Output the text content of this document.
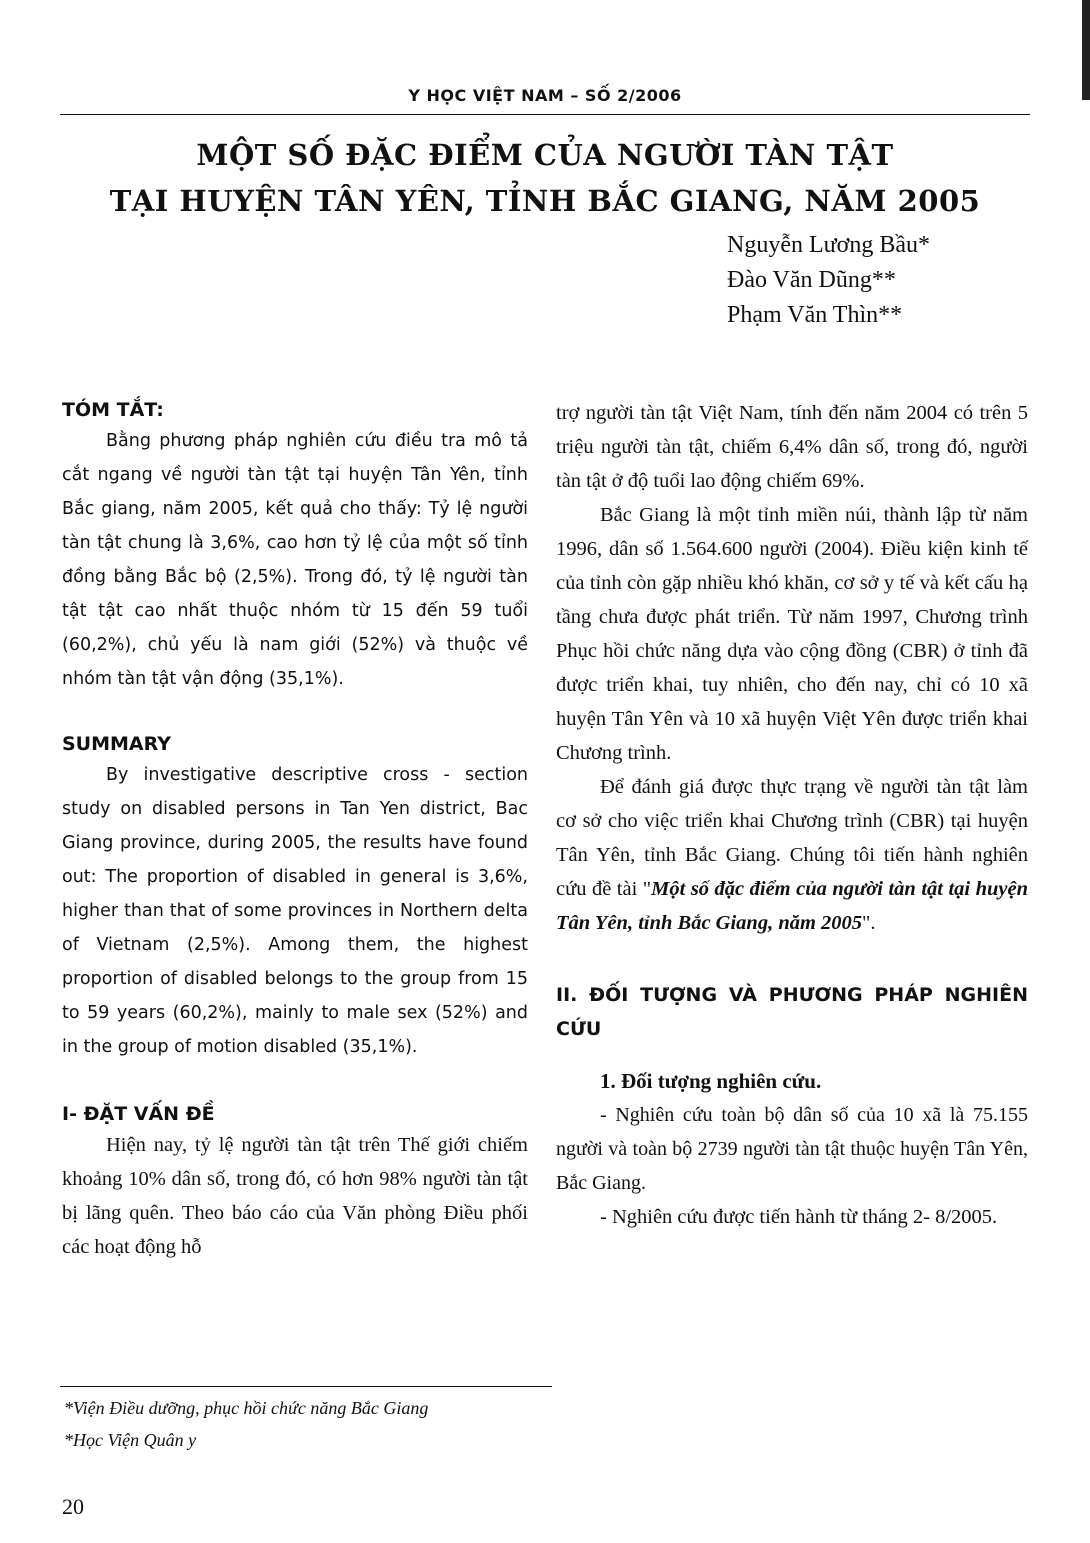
Y HỌC VIỆT NAM – SỐ 2/2006
MỘT SỐ ĐẶC ĐIỂM CỦA NGƯỜI TÀN TẬT
TẠI HUYỆN TÂN YÊN, TỈNH BẮC GIANG, NĂM 2005
Nguyễn Lương Bầu*
Đào Văn Dũng**
Phạm Văn Thìn**
TÓM TẮT:

Bằng phương pháp nghiên cứu điều tra mô tả cắt ngang về người tàn tật tại huyện Tân Yên, tỉnh Bắc giang, năm 2005, kết quả cho thấy: Tỷ lệ người tàn tật chung là 3,6%, cao hơn tỷ lệ của một số tỉnh đồng bằng Bắc bộ (2,5%). Trong đó, tỷ lệ người tàn tật tật cao nhất thuộc nhóm từ 15 đến 59 tuổi (60,2%), chủ yếu là nam giới (52%) và thuộc về nhóm tàn tật vận động (35,1%).

SUMMARY

By investigative descriptive cross - section study on disabled persons in Tan Yen district, Bac Giang province, during 2005, the results have found out: The proportion of disabled in general is 3,6%, higher than that of some provinces in Northern delta of Vietnam (2,5%). Among them, the highest proportion of disabled belongs to the group from 15 to 59 years (60,2%), mainly to male sex (52%) and in the group of motion disabled (35,1%).

I- ĐẶT VẤN ĐỀ

Hiện nay, tỷ lệ người tàn tật trên Thế giới chiếm khoảng 10% dân số, trong đó, có hơn 98% người tàn tật bị lãng quên. Theo báo cáo của Văn phòng Điều phối các hoạt động hỗ

trợ người tàn tật Việt Nam, tính đến năm 2004 có trên 5 triệu người tàn tật, chiếm 6,4% dân số, trong đó, người tàn tật ở độ tuổi lao động chiếm 69%.

Bắc Giang là một tỉnh miền núi, thành lập từ năm 1996, dân số 1.564.600 người (2004). Điều kiện kinh tế của tỉnh còn gặp nhiều khó khăn, cơ sở y tế và kết cấu hạ tầng chưa được phát triển. Từ năm 1997, Chương trình Phục hồi chức năng dựa vào cộng đồng (CBR) ở tỉnh đã được triển khai, tuy nhiên, cho đến nay, chỉ có 10 xã huyện Tân Yên và 10 xã huyện Việt Yên được triển khai Chương trình.

Để đánh giá được thực trạng về người tàn tật làm cơ sở cho việc triển khai Chương trình (CBR) tại huyện Tân Yên, tỉnh Bắc Giang. Chúng tôi tiến hành nghiên cứu đề tài "Một số đặc điểm của người tàn tật tại huyện Tân Yên, tỉnh Bắc Giang, năm 2005".

II. ĐỐI TƯỢNG VÀ PHƯƠNG PHÁP NGHIÊN CỨU

1. Đối tượng nghiên cứu.

- Nghiên cứu toàn bộ dân số của 10 xã là 75.155 người và toàn bộ 2739 người tàn tật thuộc huyện Tân Yên, Bắc Giang.

- Nghiên cứu được tiến hành từ tháng 2- 8/2005.

*Viện Điều dưỡng, phục hồi chức năng Bắc Giang
*Học Viện Quân y
20
